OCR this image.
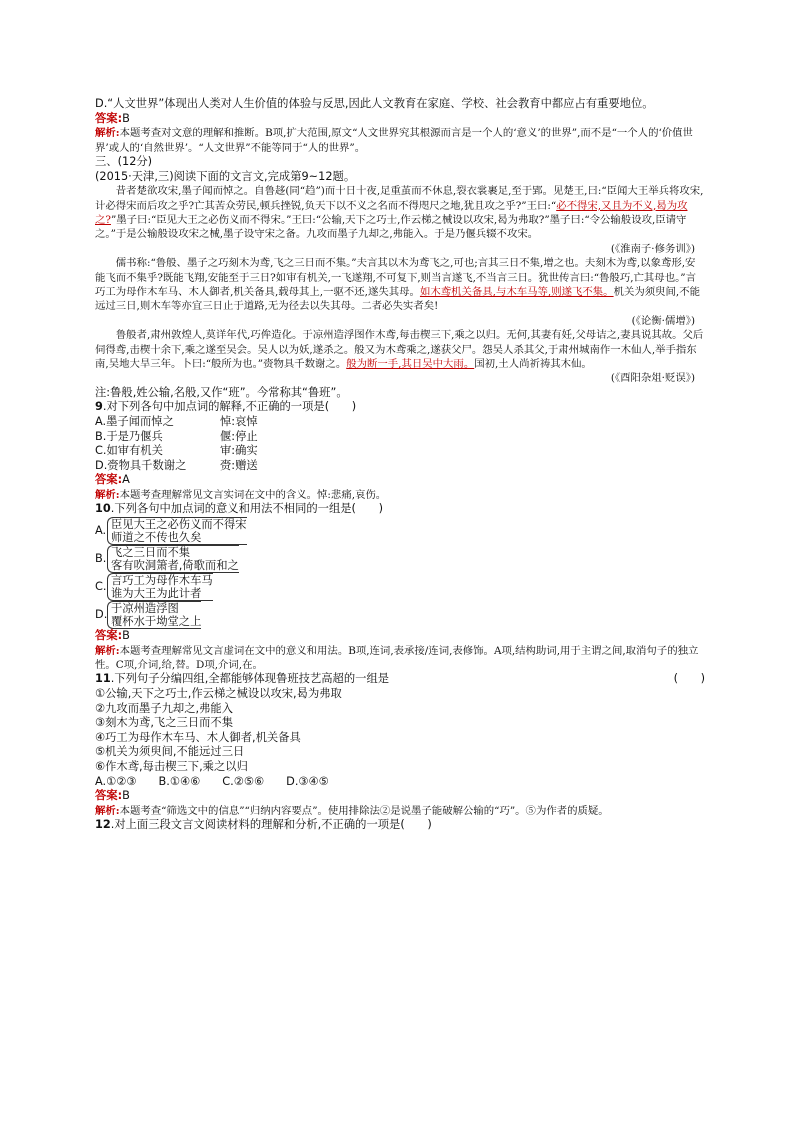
D.“人文世界”体现出人类对人生价值的体验与反思,因此人文教育在家庭、学校、社会教育中都应占有重要地位。

答案:B

解析:本题考查对文意的理解和推断。B项,扩大范围,原文“人文世界究其根源而言是一个人的‘意义’的世界”,而不是“一个人的‘价值世界’或人的‘自然世界’。“人文世界”不能等同于“人的世界”。

三、(12分)

(2015·天津,三)阅读下面的文言文,完成第9~12题。

昔者楚欲攻宋,墨子闻而悼之。自鲁趍(同“趋”)而十日十夜,足重茧而不休息,裂衣裳裹足,至于郢。见楚王,曰:“臣闻大王举兵将攻宋,计必得宋而后攻之乎?亡其苦众劳民,顿兵挫锐,负天下以不义之名而不得咫尺之地,犹且攻之乎?”王曰:“必不得宋,又且为不义,曷为攻之?”墨子曰:“臣见大王之必伤义而不得宋。”王曰:“公输,天下之巧士,作云梯之械设以攻宋,曷为弗取?”墨子曰:“令公输般设攻,臣请守之。”于是公输般设攻宋之械,墨子设守宋之备。九攻而墨子九却之,弗能入。于是乃偃兵辍不攻宋。

(《淮南子·修务训》)

儒书称:“鲁般、墨子之巧刻木为鸢,飞之三日而不集。”夫言其以木为鸢飞之,可也;言其三日不集,增之也。夫刻木为鸢,以象鸢形,安能飞而不集乎?既能飞翔,安能至于三日?如审有机关,一飞遂翔,不可复下,则当言遂飞,不当言三日。犹世传言曰:“鲁般巧,亡其母也。”言巧工为母作木车马、木人御者,机关备具,载母其上,一驱不还,遂失其母。如木鸢机关备具,与木车马等,则遂飞不集。机关为须臾间,不能远过三日,则木车等亦宜三日止于道路,无为径去以失其母。二者必失实者矣!

(《论衡·儒增》)

鲁般者,肃州敦煌人,莫详年代,巧侔造化。于凉州造浮图作木鸢,每击楔三下,乘之以归。无何,其妻有妊,父母诘之,妻具说其故。父后伺得鸢,击楔十余下,乘之遂至吴会。吴人以为妖,遂杀之。般又为木鸢乘之,遂获父尸。怨吴人杀其父,于肃州城南作一木仙人,举手指东南,吴地大旱三年。卜曰:“般所为也。”赍物具千数谢之。般为断一手,其日吴中大雨。国初,土人尚祈祷其木仙。

(《酉阳杂俎·贬误》)

注:鲁般,姓公输,名般,又作“班”。今常称其“鲁班”。

9.对下列各句中加点词的解释,不正确的一项是(　　)

A.墨子闻而悼之	悼:哀悼
B.于是乃偃兵	偃:停止
C.如审有机关	审:确实
D.赍物具千数谢之	赍:赠送

答案:A

解析:本题考查理解常见文言实词在文中的含义。悼:悲痛,哀伤。

10.下列各句中加点词的意义和用法不相同的一组是(　　)

A. 臣见大王之必伤义而不得宋
师道之不传也久矣
B. 飞之三日而不集
客有吹洞箫者,倚歌而和之
C. 言巧工为母作木车马
谁为大王为此计者
D. 于凉州造浮图
覆杯水于坳堂之上

答案:B

解析:本题考查理解常见文言虚词在文中的意义和用法。B项,连词,表承接/连词,表修饰。A项,结构助词,用于主谓之间,取消句子的独立性。C项,介词,给,替。D项,介词,在。

11.下列句子分编四组,全都能够体现鲁班技艺高超的一组是	(　　)

①公输,天下之巧士,作云梯之械设以攻宋,曷为弗取

②九攻而墨子九却之,弗能入

③刻木为鸢,飞之三日而不集

④巧工为母作木车马、木人御者,机关备具

⑤机关为须臾间,不能远过三日

⑥作木鸢,每击楔三下,乘之以归

A.①②③ B.①④⑥ C.②⑤⑥ D.③④⑤

答案:B

解析:本题考查“筛选文中的信息”“归纳内容要点”。使用排除法②是说墨子能破解公输的“巧”。⑤为作者的质疑。

12.对上面三段文言文阅读材料的理解和分析,不正确的一项是(　　)
